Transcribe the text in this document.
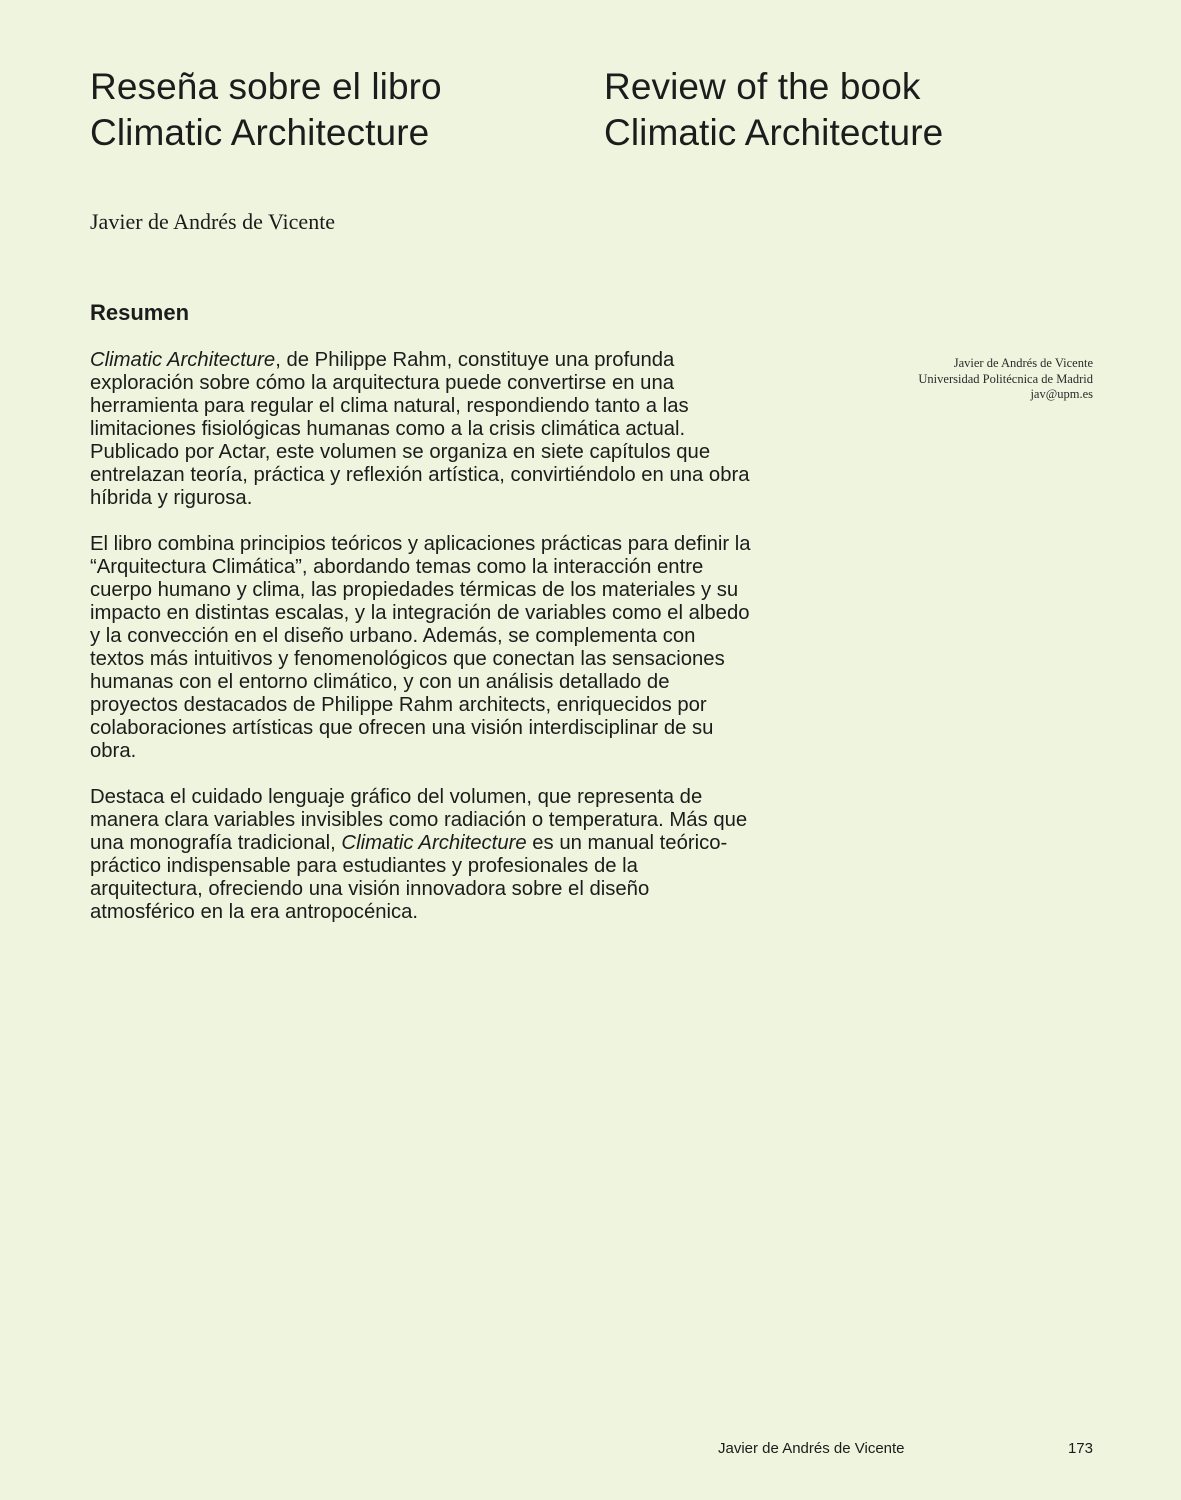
Reseña sobre el libro
Climatic Architecture
Review of the book
Climatic Architecture
Javier de Andrés de Vicente
Resumen

Climatic Architecture, de Philippe Rahm, constituye una profunda exploración sobre cómo la arquitectura puede convertirse en una herramienta para regular el clima natural, respondiendo tanto a las limitaciones fisiológicas humanas como a la crisis climática actual. Publicado por Actar, este volumen se organiza en siete capítulos que entrelazan teoría, práctica y reflexión artística, convirtiéndolo en una obra híbrida y rigurosa.

El libro combina principios teóricos y aplicaciones prácticas para definir la “Arquitectura Climática”, abordando temas como la interacción entre cuerpo humano y clima, las propiedades térmicas de los materiales y su impacto en distintas escalas, y la integración de variables como el albedo y la convección en el diseño urbano. Además, se complementa con textos más intuitivos y fenomenológicos que conectan las sensaciones humanas con el entorno climático, y con un análisis detallado de proyectos destacados de Philippe Rahm architects, enriquecidos por colaboraciones artísticas que ofrecen una visión interdisciplinar de su obra.

Destaca el cuidado lenguaje gráfico del volumen, que representa de manera clara variables invisibles como radiación o temperatura. Más que una monografía tradicional, Climatic Architecture es un manual teórico-práctico indispensable para estudiantes y profesionales de la arquitectura, ofreciendo una visión innovadora sobre el diseño atmosférico en la era antropocénica.

Javier de Andrés de Vicente
Universidad Politécnica de Madrid
jav@upm.es
Javier de Andrés de Vicente	173
